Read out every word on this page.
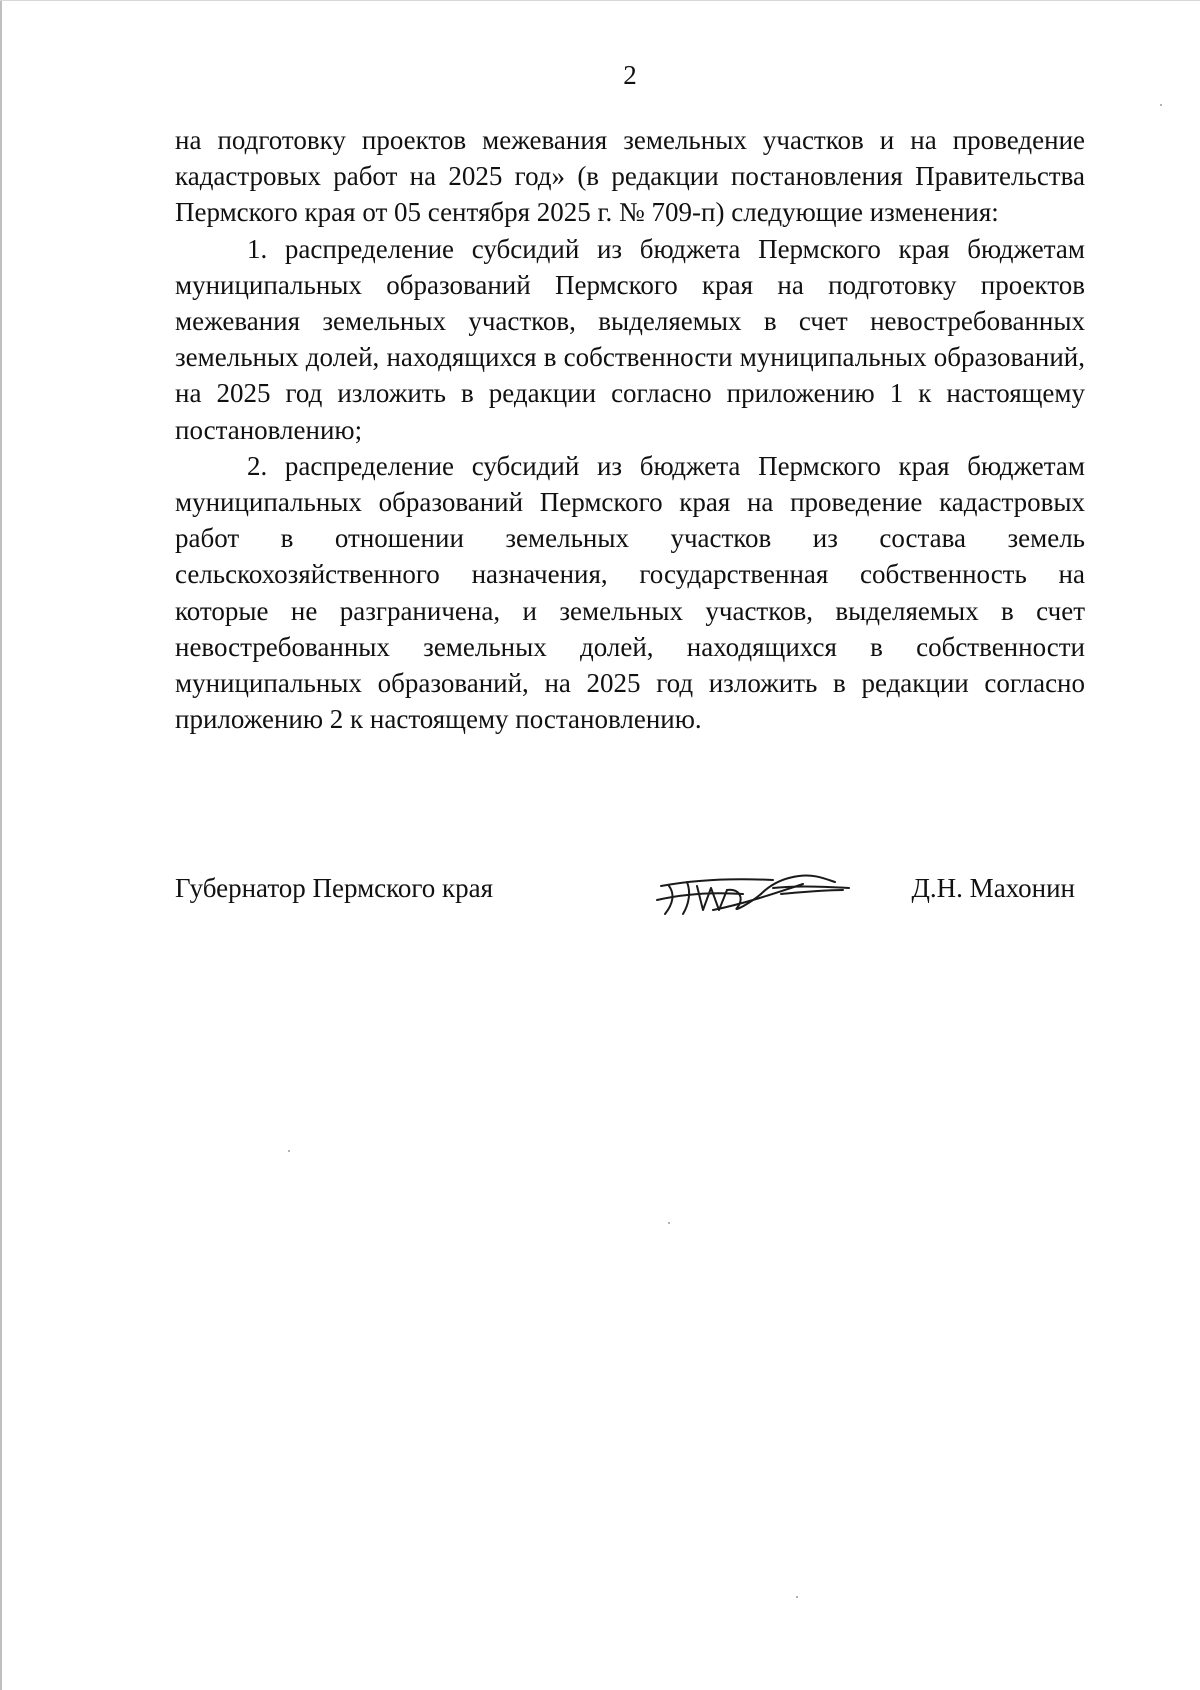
2

на подготовку проектов межевания земельных участков и на проведение кадастровых работ на 2025 год» (в редакции постановления Правительства Пермского края от 05 сентября 2025 г. № 709-п) следующие изменения:

1. распределение субсидий из бюджета Пермского края бюджетам муниципальных образований Пермского края на подготовку проектов межевания земельных участков, выделяемых в счет невостребованных земельных долей, находящихся в собственности муниципальных образований, на 2025 год изложить в редакции согласно приложению 1 к настоящему постановлению;

2. распределение субсидий из бюджета Пермского края бюджетам муниципальных образований Пермского края на проведение кадастровых работ в отношении земельных участков из состава земель сельскохозяйственного назначения, государственная собственность на которые не разграничена, и земельных участков, выделяемых в счет невостребованных земельных долей, находящихся в собственности муниципальных образований, на 2025 год изложить в редакции согласно приложению 2 к настоящему постановлению.

Губернатор Пермского края	Д.Н. Махонин
